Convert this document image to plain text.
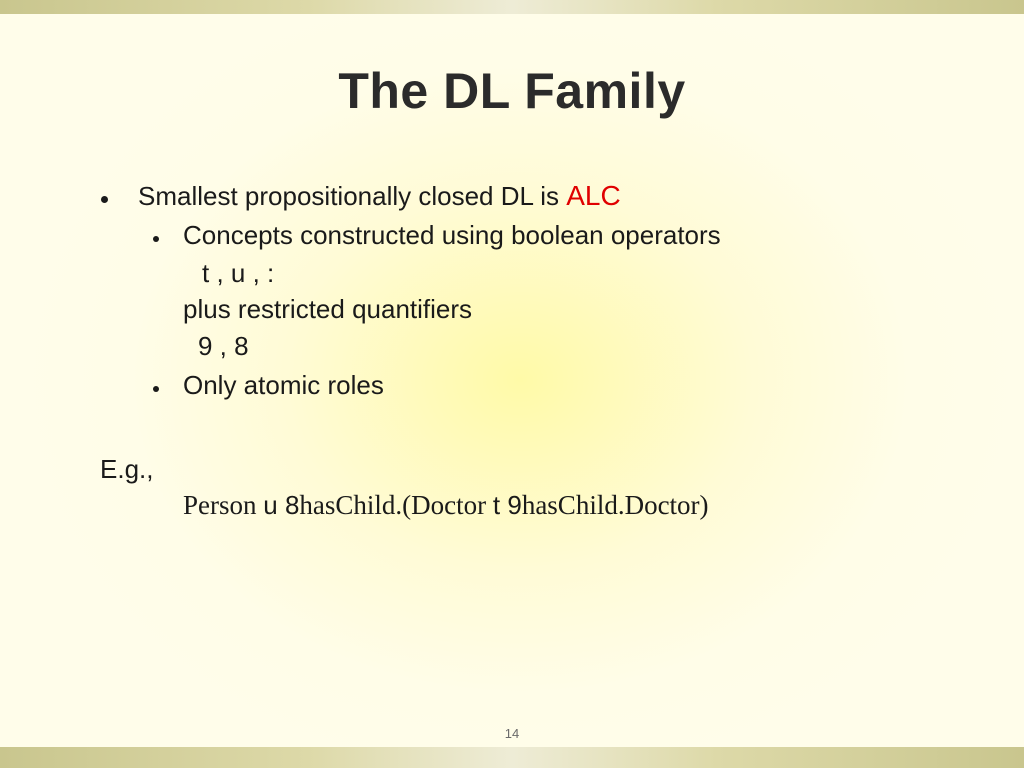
The DL Family
Smallest propositionally closed DL is ALC
Concepts constructed using boolean operators
t , u , :
plus restricted quantifiers
9 , 8
Only atomic roles
E.g.,
Person u 8hasChild.(Doctor t 9hasChild.Doctor)
14
